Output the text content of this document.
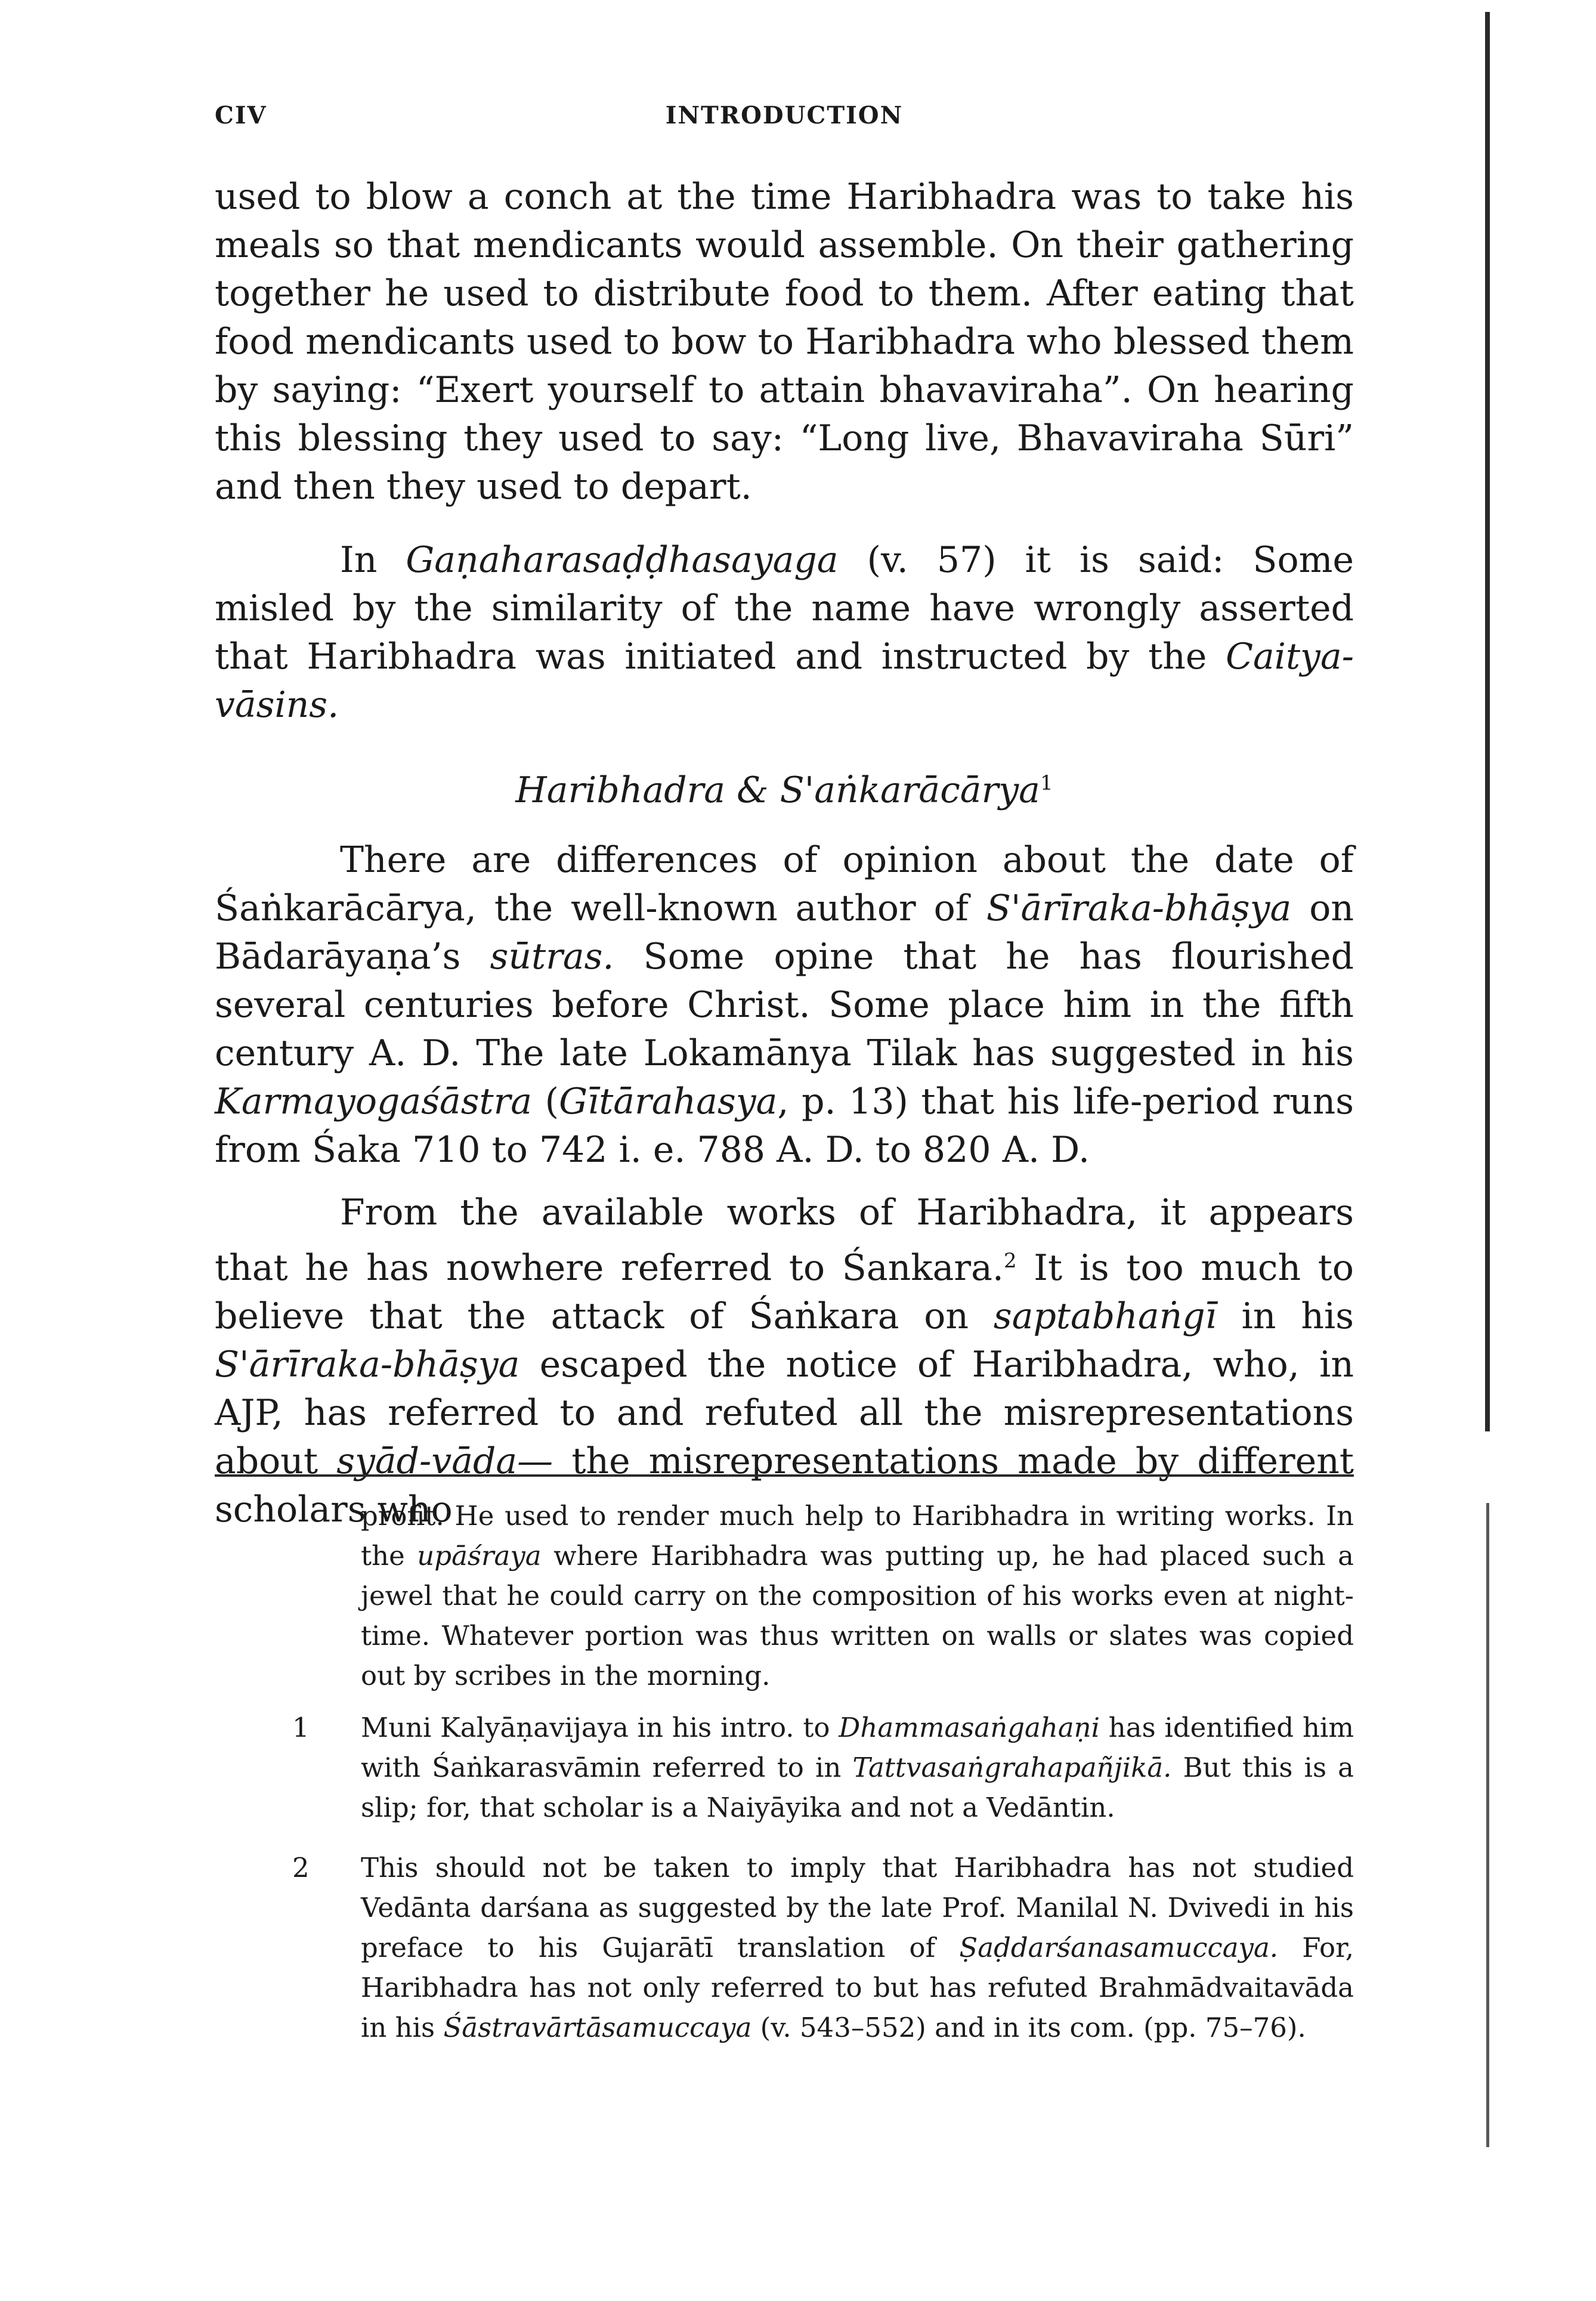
CIV	INTRODUCTION

used to blow a conch at the time Haribhadra was to take his meals so that mendicants would assemble. On their gathering together he used to distribute food to them. After eating that food mendicants used to bow to Haribhadra who blessed them by saying: “Exert yourself to attain bhavaviraha”. On hearing this blessing they used to say: “Long live, Bhavaviraha Sūri” and then they used to depart.

In Gaṇaharasaḍḍhasayaga (v. 57) it is said: Some misled by the similarity of the name have wrongly asserted that Haribhadra was initiated and instructed by the Caitya-vāsins.

Haribhadra & S'aṅkarācārya$^1$

There are differences of opinion about the date of Śaṅkarācārya, the well-known author of S'ārīraka-bhāṣya on Bādarāyaṇa’s sūtras. Some opine that he has flourished several centuries before Christ. Some place him in the fifth century A. D. The late Lokamānya Tilak has suggested in his Karmayogaśāstra (Gītārahasya, p. 13) that his life-period runs from Śaka 710 to 742 i. e. 788 A. D. to 820 A. D.

From the available works of Haribhadra, it appears that he has nowhere referred to Śankara.$^2$ It is too much to believe that the attack of Śaṅkara on saptabhaṅgī in his S'ārīraka-bhāṣya escaped the notice of Haribhadra, who, in AJP, has referred to and refuted all the misrepresentations about syād-vāda— the misrepresentations made by different scholars who

profit. He used to render much help to Haribhadra in writing works. In the upāśraya where Haribhadra was putting up, he had placed such a jewel that he could carry on the composition of his works even at night-time. Whatever portion was thus written on walls or slates was copied out by scribes in the morning.
1 Muni Kalyāṇavijaya in his intro. to Dhammasaṅgahaṇi has identified him with Śaṅkarasvāmin referred to in Tattvasaṅgrahapañjikā. But this is a slip; for, that scholar is a Naiyāyika and not a Vedāntin.
2 This should not be taken to imply that Haribhadra has not studied Vedānta darśana as suggested by the late Prof. Manilal N. Dvivedi in his preface to his Gujarātī translation of Ṣaḍdarśanasamuccaya. For, Haribhadra has not only referred to but has refuted Brahmādvaitavāda in his Śāstravārtāsamuccaya (v. 543–552) and in its com. (pp. 75–76).
